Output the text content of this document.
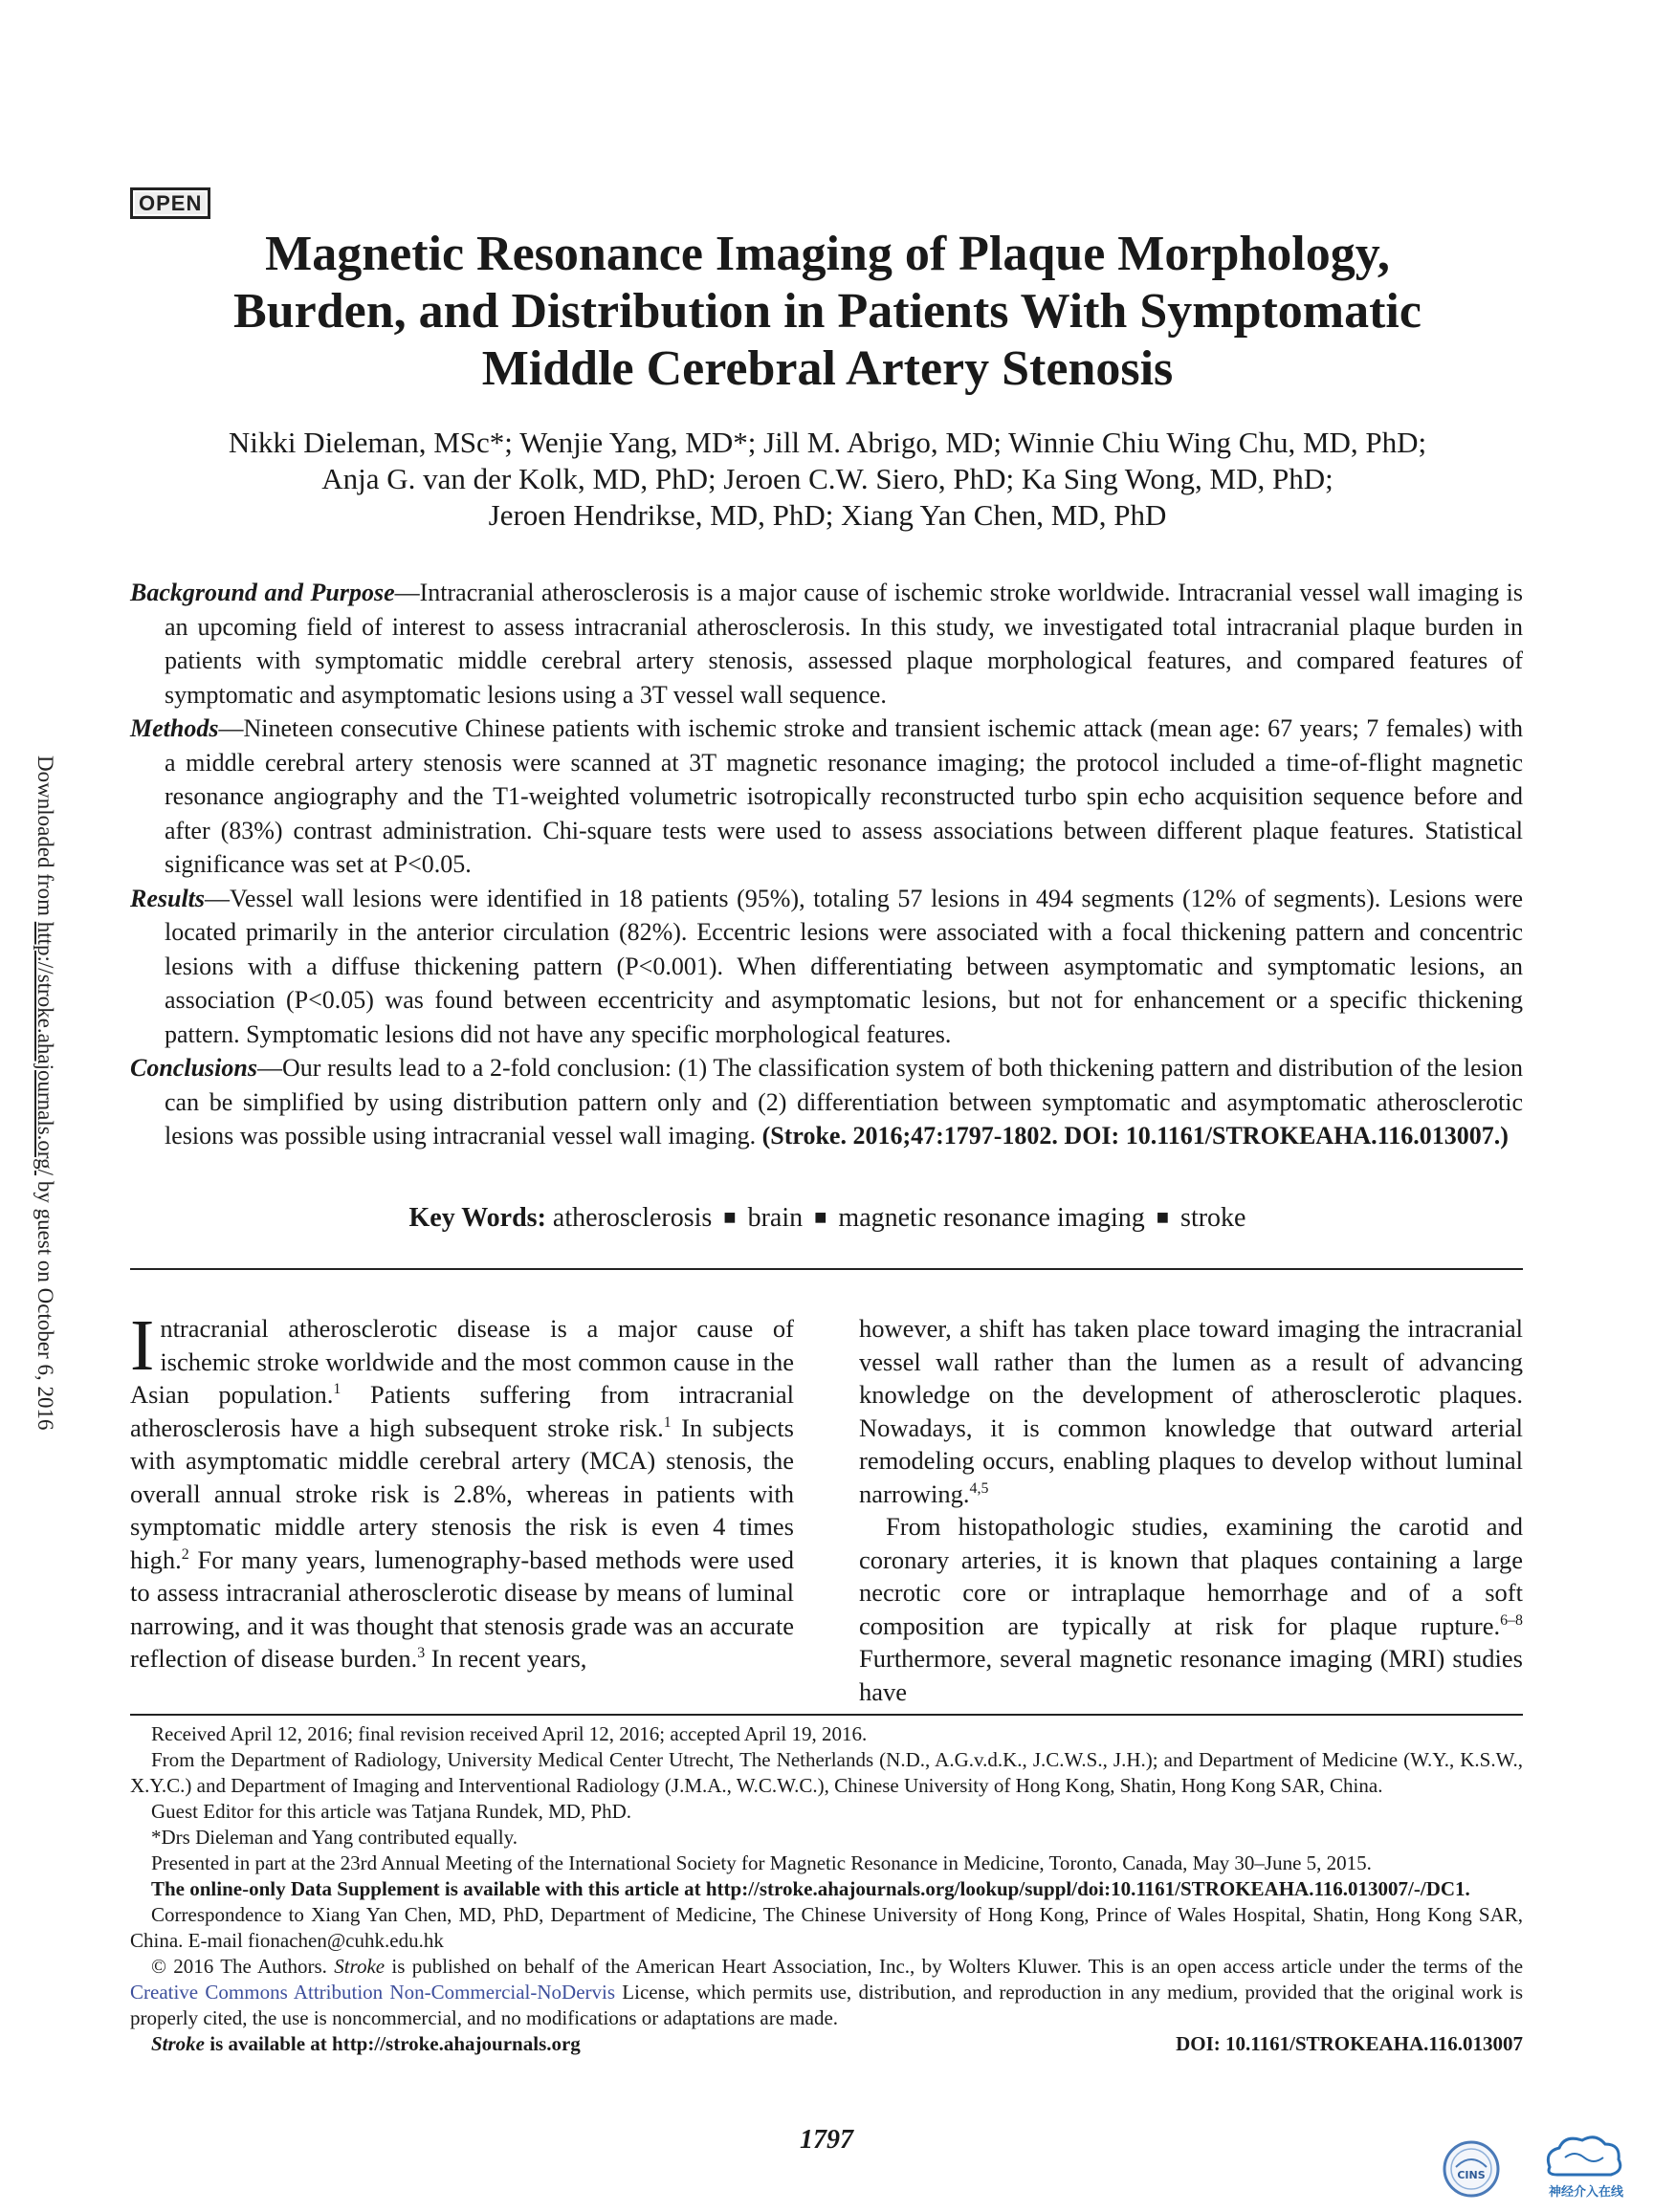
OPEN
Magnetic Resonance Imaging of Plaque Morphology,
Burden, and Distribution in Patients With Symptomatic
Middle Cerebral Artery Stenosis
Nikki Dieleman, MSc*; Wenjie Yang, MD*; Jill M. Abrigo, MD; Winnie Chiu Wing Chu, MD, PhD;
Anja G. van der Kolk, MD, PhD; Jeroen C.W. Siero, PhD; Ka Sing Wong, MD, PhD;
Jeroen Hendrikse, MD, PhD; Xiang Yan Chen, MD, PhD

Background and Purpose—Intracranial atherosclerosis is a major cause of ischemic stroke worldwide. Intracranial vessel wall imaging is an upcoming field of interest to assess intracranial atherosclerosis. In this study, we investigated total intracranial plaque burden in patients with symptomatic middle cerebral artery stenosis, assessed plaque morphological features, and compared features of symptomatic and asymptomatic lesions using a 3T vessel wall sequence.

Methods—Nineteen consecutive Chinese patients with ischemic stroke and transient ischemic attack (mean age: 67 years; 7 females) with a middle cerebral artery stenosis were scanned at 3T magnetic resonance imaging; the protocol included a time-of-flight magnetic resonance angiography and the T1-weighted volumetric isotropically reconstructed turbo spin echo acquisition sequence before and after (83%) contrast administration. Chi-square tests were used to assess associations between different plaque features. Statistical significance was set at P<0.05.

Results—Vessel wall lesions were identified in 18 patients (95%), totaling 57 lesions in 494 segments (12% of segments). Lesions were located primarily in the anterior circulation (82%). Eccentric lesions were associated with a focal thickening pattern and concentric lesions with a diffuse thickening pattern (P<0.001). When differentiating between asymptomatic and symptomatic lesions, an association (P<0.05) was found between eccentricity and asymptomatic lesions, but not for enhancement or a specific thickening pattern. Symptomatic lesions did not have any specific morphological features.

Conclusions—Our results lead to a 2-fold conclusion: (1) The classification system of both thickening pattern and distribution of the lesion can be simplified by using distribution pattern only and (2) differentiation between symptomatic and asymptomatic atherosclerotic lesions was possible using intracranial vessel wall imaging. (Stroke. 2016;47:1797-1802. DOI: 10.1161/STROKEAHA.116.013007.)

Key Words: atherosclerosis ■ brain ■ magnetic resonance imaging ■ stroke

Intracranial atherosclerotic disease is a major cause of ischemic stroke worldwide and the most common cause in the Asian population.$^1$ Patients suffering from intracranial atherosclerosis have a high subsequent stroke risk.$^1$ In subjects with asymptomatic middle cerebral artery (MCA) stenosis, the overall annual stroke risk is 2.8%, whereas in patients with symptomatic middle artery stenosis the risk is even 4 times high.$^2$ For many years, lumenography-based methods were used to assess intracranial atherosclerotic disease by means of luminal narrowing, and it was thought that stenosis grade was an accurate reflection of disease burden.$^3$ In recent years,

however, a shift has taken place toward imaging the intracranial vessel wall rather than the lumen as a result of advancing knowledge on the development of atherosclerotic plaques. Nowadays, it is common knowledge that outward arterial remodeling occurs, enabling plaques to develop without luminal narrowing.$^{4,5}$

From histopathologic studies, examining the carotid and coronary arteries, it is known that plaques containing a large necrotic core or intraplaque hemorrhage and of a soft composition are typically at risk for plaque rupture.$^{6-8}$ Furthermore, several magnetic resonance imaging (MRI) studies have

Received April 12, 2016; final revision received April 12, 2016; accepted April 19, 2016.

From the Department of Radiology, University Medical Center Utrecht, The Netherlands (N.D., A.G.v.d.K., J.C.W.S., J.H.); and Department of Medicine (W.Y., K.S.W., X.Y.C.) and Department of Imaging and Interventional Radiology (J.M.A., W.C.W.C.), Chinese University of Hong Kong, Shatin, Hong Kong SAR, China.

Guest Editor for this article was Tatjana Rundek, MD, PhD.

*Drs Dieleman and Yang contributed equally.

Presented in part at the 23rd Annual Meeting of the International Society for Magnetic Resonance in Medicine, Toronto, Canada, May 30–June 5, 2015.

The online-only Data Supplement is available with this article at http://stroke.ahajournals.org/lookup/suppl/doi:10.1161/STROKEAHA.116.013007/-/DC1.

Correspondence to Xiang Yan Chen, MD, PhD, Department of Medicine, The Chinese University of Hong Kong, Prince of Wales Hospital, Shatin, Hong Kong SAR, China. E-mail fionachen@cuhk.edu.hk

© 2016 The Authors. Stroke is published on behalf of the American Heart Association, Inc., by Wolters Kluwer. This is an open access article under the terms of the Creative Commons Attribution Non-Commercial-NoDervis License, which permits use, distribution, and reproduction in any medium, provided that the original work is properly cited, the use is noncommercial, and no modifications or adaptations are made.

Stroke is available at http://stroke.ahajournals.org	DOI: 10.1161/STROKEAHA.116.013007
1797
Downloaded from http://stroke.ahajournals.org/ by guest on October 6, 2016
CINS
神经介入在线
